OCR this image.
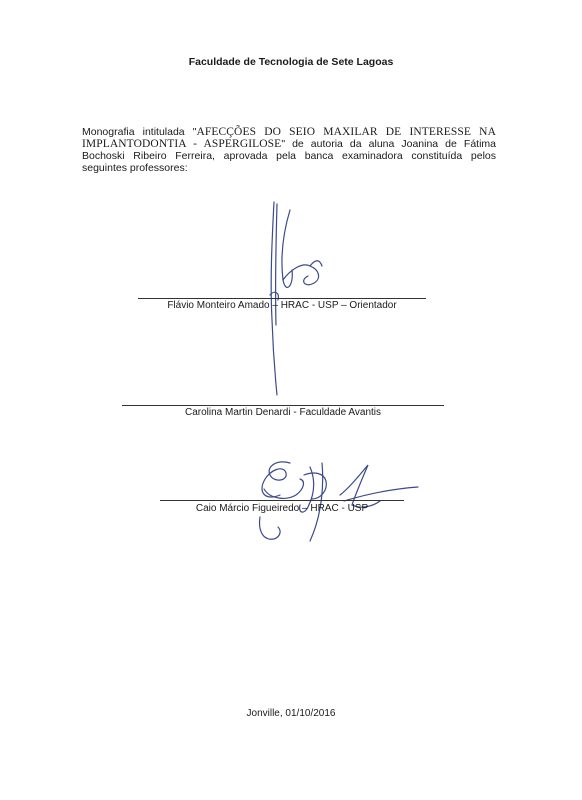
Faculdade de Tecnologia de Sete Lagoas
Monografia intitulada "AFECÇÕES DO SEIO MAXILAR DE INTERESSE NA IMPLANTODONTIA - ASPERGILOSE" de autoria da aluna Joanina de Fátima Bochoski Ribeiro Ferreira, aprovada pela banca examinadora constituída pelos seguintes professores:
Flávio Monteiro Amado – HRAC - USP – Orientador
Carolina Martin Denardi - Faculdade Avantis
Caio Márcio Figueiredo – HRAC - USP
Jonville, 01/10/2016
